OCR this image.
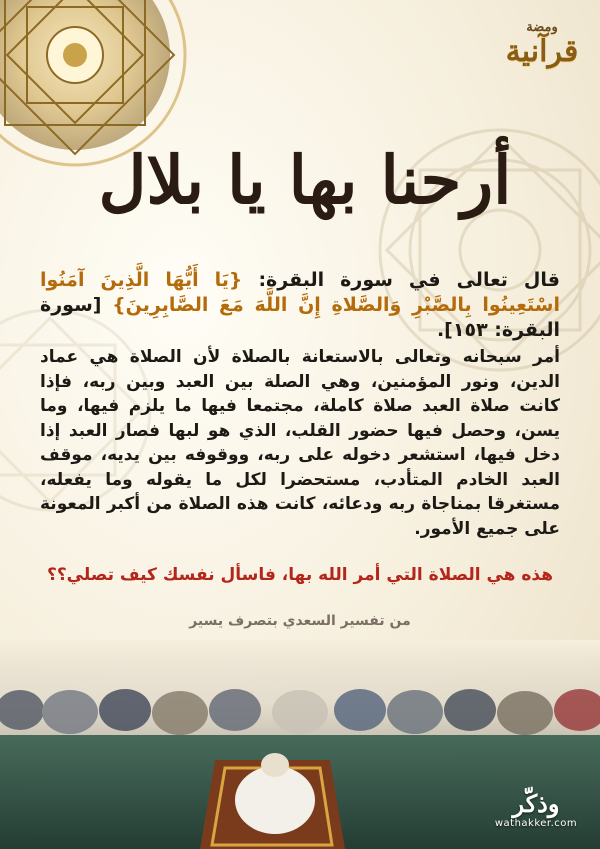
ومضة
قرآنية
أرحنا بها يا بلال
قال تعالى في سورة البقرة: {يَا أَيُّهَا الَّذِينَ آمَنُوا اسْتَعِينُوا بِالصَّبْرِ وَالصَّلاةِ إِنَّ اللَّهَ مَعَ الصَّابِرِينَ} [سورة البقرة: ١٥٣].
أمر سبحانه وتعالى بالاستعانة بالصلاة لأن الصلاة هي عماد الدين، ونور المؤمنين، وهي الصلة بين العبد وبين ربه، فإذا كانت صلاة العبد صلاة كاملة، مجتمعا فيها ما يلزم فيها، وما يسن، وحصل فيها حضور القلب، الذي هو لبها فصار العبد إذا دخل فيها، استشعر دخوله على ربه، ووقوفه بين يديه، موقف العبد الخادم المتأدب، مستحضرا لكل ما يقوله وما يفعله، مستغرقا بمناجاة ربه ودعائه، كانت هذه الصلاة من أكبر المعونة على جميع الأمور.
هذه هي الصلاة التي أمر الله بها، فاسأل نفسك كيف تصلي؟؟
من تفسير السعدي بتصرف يسير
وذكّر
wathakker.com
